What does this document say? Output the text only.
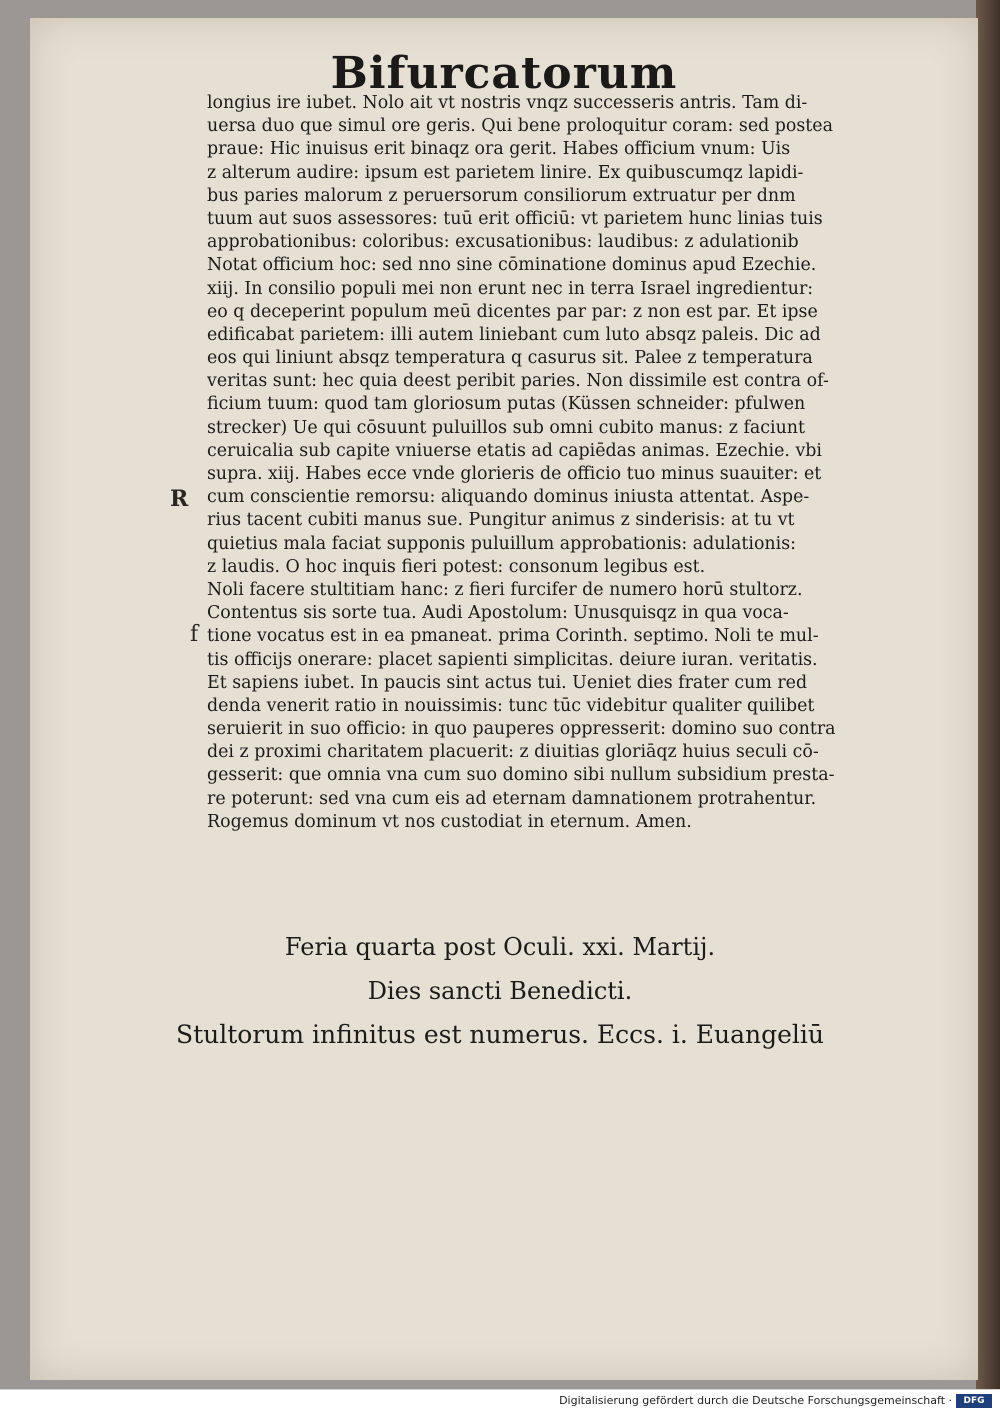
Bifurcatorum
R
f
longius ire iubet. Nolo ait vt nostris vnqz successeris antris. Tam di-
uersa duo que simul ore geris. Qui bene proloquitur coram: sed postea
praue: Hic inuisus erit binaqz ora gerit. Habes officium vnum: Uis
z alterum audire: ipsum est parietem linire. Ex quibuscumqz lapidi-
bus paries malorum z peruersorum consiliorum extruatur per dnm
tuum aut suos assessores: tuū erit officiū: vt parietem hunc linias tuis
approbationibus: coloribus: excusationibus: laudibus: z adulationib
Notat officium hoc: sed nno sine cōminatione dominus apud Ezechie.
xiij. In consilio populi mei non erunt nec in terra Israel ingredientur:
eo q deceperint populum meū dicentes par par: z non est par. Et ipse
edificabat parietem: illi autem liniebant cum luto absqz paleis. Dic ad
eos qui liniunt absqz temperatura q casurus sit. Palee z temperatura
veritas sunt: hec quia deest peribit paries. Non dissimile est contra of-
ficium tuum: quod tam gloriosum putas (Küssen schneider: pfulwen
strecker) Ue qui cōsuunt puluillos sub omni cubito manus: z faciunt
ceruicalia sub capite vniuerse etatis ad capiēdas animas. Ezechie. vbi
supra. xiij. Habes ecce vnde glorieris de officio tuo minus suauiter: et
cum conscientie remorsu: aliquando dominus iniusta attentat. Aspe-
rius tacent cubiti manus sue. Pungitur animus z sinderisis: at tu vt
quietius mala faciat supponis puluillum approbationis: adulationis:
z laudis. O hoc inquis fieri potest: consonum legibus est.
Noli facere stultitiam hanc: z fieri furcifer de numero horū stultorz.
Contentus sis sorte tua. Audi Apostolum: Unusquisqz in qua voca-
tione vocatus est in ea pmaneat. prima Corinth. septimo. Noli te mul-
tis officijs onerare: placet sapienti simplicitas. deiure iuran. veritatis.
Et sapiens iubet. In paucis sint actus tui. Ueniet dies frater cum red
denda venerit ratio in nouissimis: tunc tūc videbitur qualiter quilibet
seruierit in suo officio: in quo pauperes oppresserit: domino suo contra
dei z proximi charitatem placuerit: z diuitias gloriāqz huius seculi cō-
gesserit: que omnia vna cum suo domino sibi nullum subsidium presta-
re poterunt: sed vna cum eis ad eternam damnationem protrahentur.
Rogemus dominum vt nos custodiat in eternum. Amen.
Feria quarta post Oculi. xxi. Martij.
Dies sancti Benedicti.
Stultorum infinitus est numerus. Eccs. i. Euangeliū
Digitalisierung gefördert durch die Deutsche Forschungsgemeinschaft ·	DFG
